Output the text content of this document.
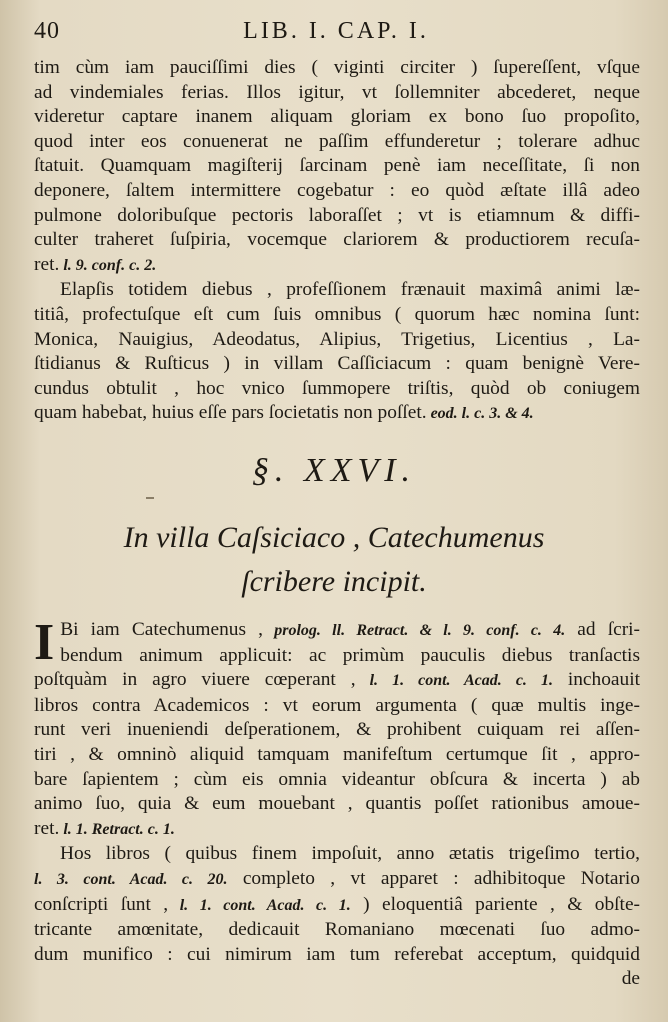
40	LIB. I. CAP. I.
tim cùm iam pauciſſimi dies ( viginti circiter ) ſupereſſent, vſque
ad vindemiales ferias. Illos igitur, vt ſollemniter abcederet, neque
videretur captare inanem aliquam gloriam ex bono ſuo propoſito,
quod inter eos conuenerat ne paſſim effunderetur ; tolerare adhuc
ſtatuit. Quamquam magiſterij ſarcinam penè iam neceſſitate, ſi non
deponere, ſaltem intermittere cogebatur : eo quòd æſtate illâ adeo
pulmone doloribuſque pectoris laboraſſet ; vt is etiamnum & diffi-
culter traheret ſuſpiria, vocemque clariorem & productiorem recuſa-
ret. l. 9. conf. c. 2.
Elapſis totidem diebus , profeſſionem frænauit maximâ animi læ-
titiâ, profectuſque eſt cum ſuis omnibus ( quorum hæc nomina ſunt:
Monica, Nauigius, Adeodatus, Alipius, Trigetius, Licentius , La-
ſtidianus & Ruſticus ) in villam Caſſiciacum : quam benignè Vere-
cundus obtulit , hoc vnico ſummopere triſtis, quòd ob coniugem
quam habebat, huius eſſe pars ſocietatis non poſſet. eod. l. c. 3. & 4.
§. XXVI.
In villa Caſsiciaco , Catechumenus
ſcribere incipit.
I Bi iam Catechumenus , prolog. ll. Retract. & l. 9. conf. c. 4. ad ſcri-
bendum animum applicuit: ac primùm pauculis diebus tranſactis
poſtquàm in agro viuere cœperant , l. 1. cont. Acad. c. 1. inchoauit
libros contra Academicos : vt eorum argumenta ( quæ multis inge-
runt veri inueniendi deſperationem, & prohibent cuiquam rei aſſen-
tiri , & omninò aliquid tamquam manifeſtum certumque ſit , appro-
bare ſapientem ; cùm eis omnia videantur obſcura & incerta ) ab
animo ſuo, quia & eum mouebant , quantis poſſet rationibus amoue-
ret. l. 1. Retract. c. 1.
Hos libros ( quibus finem impoſuit, anno ætatis trigeſimo tertio,
l. 3. cont. Acad. c. 20. completo , vt apparet : adhibitoque Notario
conſcripti ſunt , l. 1. cont. Acad. c. 1. ) eloquentiâ pariente , & obſte-
tricante amœnitate, dedicauit Romaniano mœcenati ſuo admo-
dum munifico : cui nimirum iam tum referebat acceptum, quidquid
de
